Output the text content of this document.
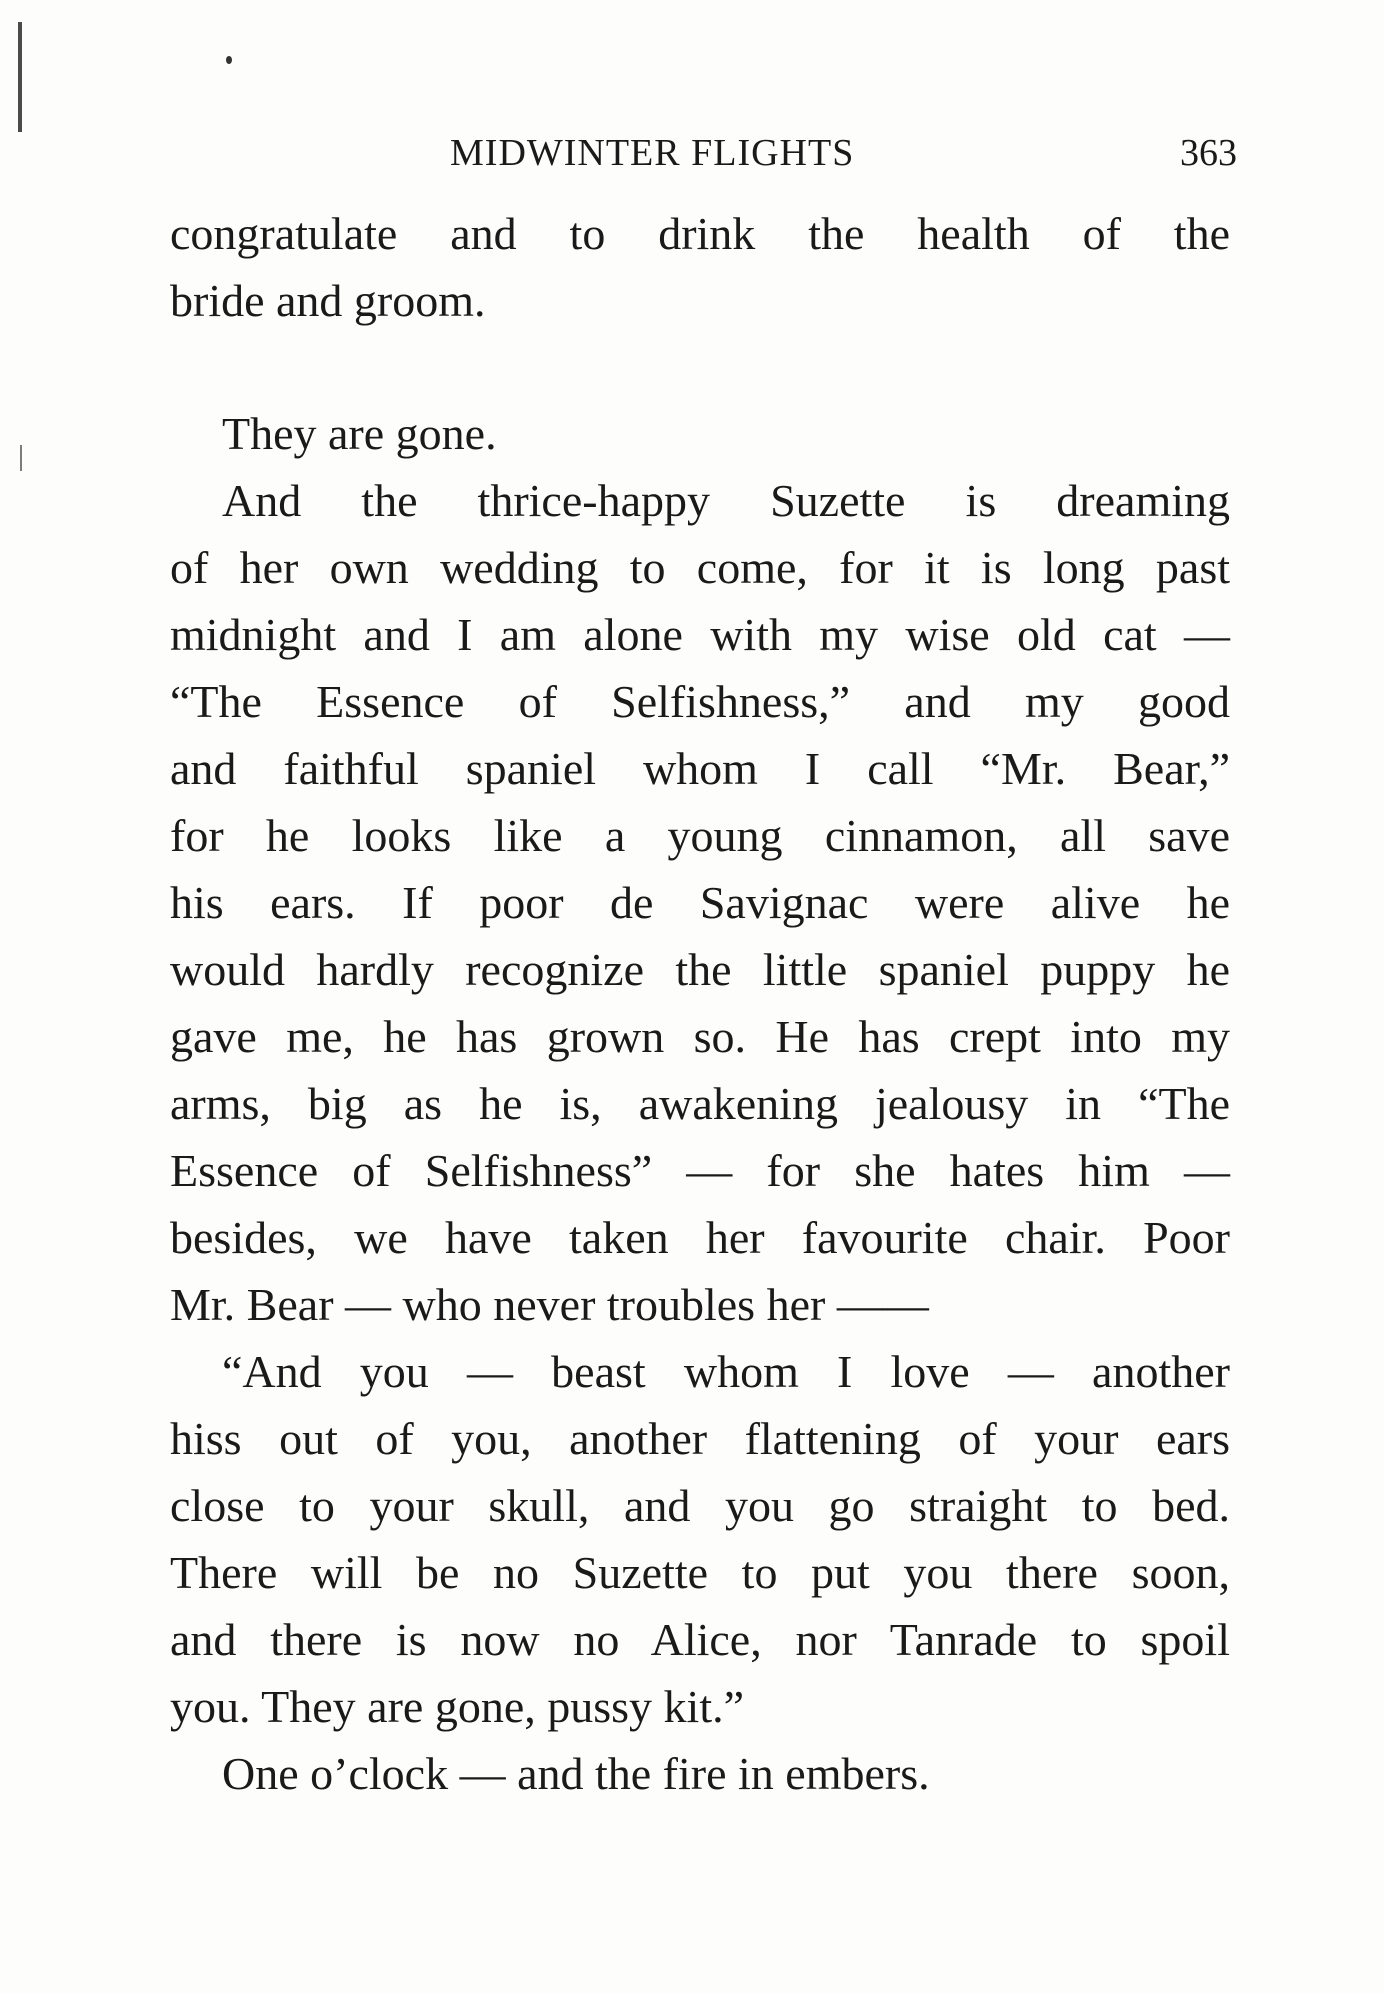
MIDWINTER FLIGHTS	363
congratulate and to drink the health of the
bride and groom.
They are gone.
And the thrice-happy Suzette is dreaming
of her own wedding to come, for it is long past
midnight and I am alone with my wise old cat —
“The Essence of Selfishness,” and my good
and faithful spaniel whom I call “Mr. Bear,”
for he looks like a young cinnamon, all save
his ears. If poor de Savignac were alive he
would hardly recognize the little spaniel puppy he
gave me, he has grown so. He has crept into my
arms, big as he is, awakening jealousy in “The
Essence of Selfishness” — for she hates him —
besides, we have taken her favourite chair. Poor
Mr. Bear — who never troubles her ——
“And you — beast whom I love — another
hiss out of you, another flattening of your ears
close to your skull, and you go straight to bed.
There will be no Suzette to put you there soon,
and there is now no Alice, nor Tanrade to spoil
you. They are gone, pussy kit.”
One o’clock — and the fire in embers.
